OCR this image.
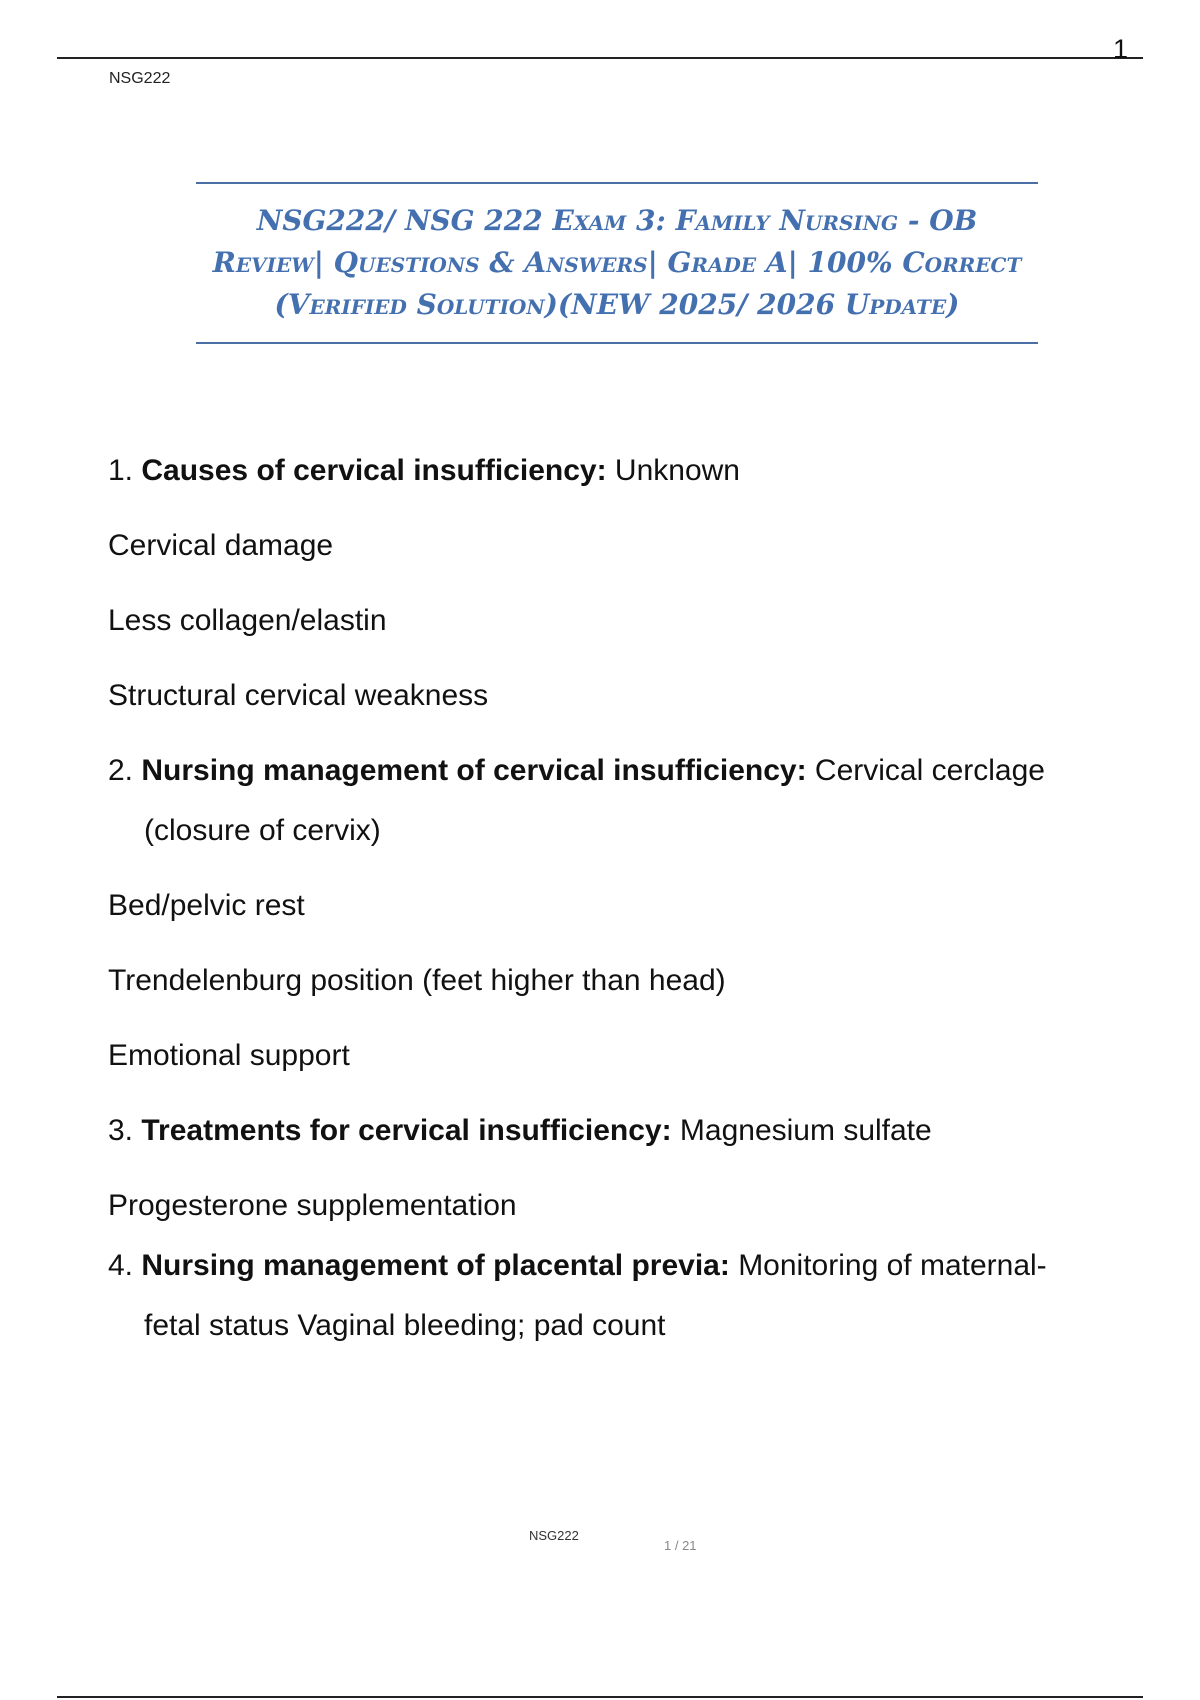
1
NSG222

NSG222/ NSG 222 Exam 3: Family Nursing - OB Review| Questions & Answers| Grade A| 100% Correct (Verified Solution)(NEW 2025/ 2026 Update)

1. Causes of cervical insufficiency: Unknown

Cervical damage

Less collagen/elastin

Structural cervical weakness

2. Nursing management of cervical insufficiency: Cervical cerclage

(closure of cervix)

Bed/pelvic rest

Trendelenburg position (feet higher than head)

Emotional support

3. Treatments for cervical insufficiency: Magnesium sulfate

Progesterone supplementation

4. Nursing management of placental previa: Monitoring of maternal-

fetal status Vaginal bleeding; pad count

NSG222
1 / 21
